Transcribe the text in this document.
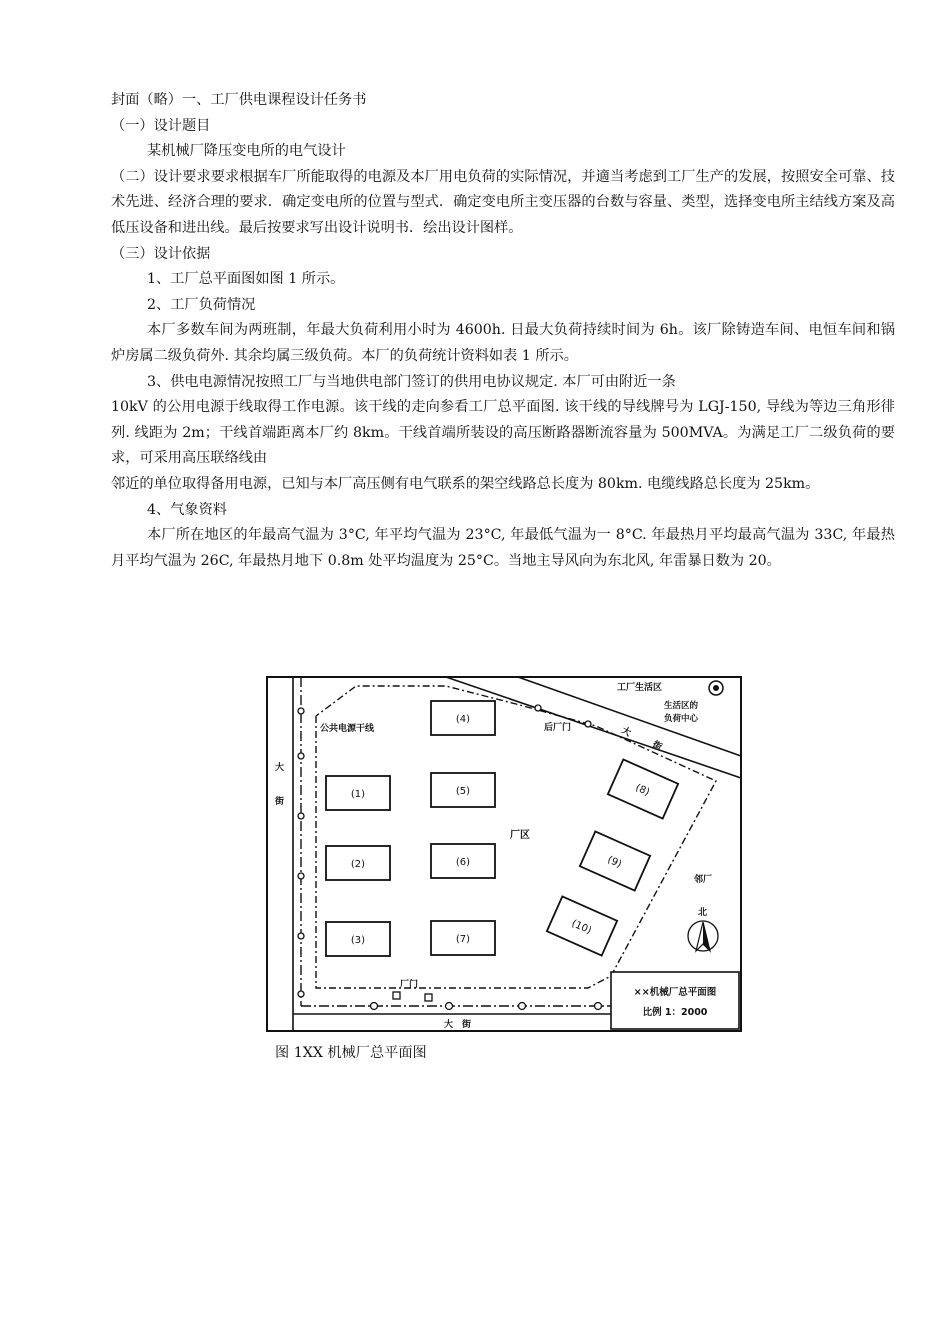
封面（略）一、工厂供电课程设计任务书

（一）设计题目

某机械厂降压变电所的电气设计

（二）设计要求要求根据车厂所能取得的电源及本厂用电负荷的实际情况，并適当考虑到工厂生产的发展，按照安全可靠、技术先进、经济合理的要求．确定变电所的位置与型式．确定变电所主变压器的台数与容量、类型，选择变电所主结线方案及高低压设备和进出线。最后按要求写出设计说明书．绘出设计图样。

（三）设计依据

1、工厂总平面图如图 1 所示。

2、工厂负荷情况

本厂多数车间为两班制，年最大负荷利用小时为 4600h. 日最大负荷持续时间为 6h。该厂除铸造车间、电恒车间和锅炉房属二级负荷外. 其余均属三级负荷。本厂的负荷统计资料如表 1 所示。

3、供电电源情况按照工厂与当地供电部门签订的供用电协议规定. 本厂可由附近一条

10kV 的公用电源于线取得工作电源。该干线的走向参看工厂总平面图. 该干线的导线牌号为 LGJ-150, 导线为等边三角形徘列. 线距为 2m；干线首端距离本厂约 8km。干线首端所装设的高压断路器断流容量为 500MVA。为满足工厂二级负荷的要求，可采用高压联络线由

邻近的单位取得备用电源，已知与本厂高压侧有电气联系的架空线路总长度为 80km. 电缆线路总长度为 25km。

4、气象资料

本厂所在地区的年最高气温为 3°C, 年平均气温为 23°C, 年最低气温为一 8°C. 年最热月平均最高气温为 33C, 年最热月平均气温为 26C, 年最热月地下 0.8m 处平均温度为 25°C。当地主导风向为东北风, 年雷暴日数为 20。

××机械厂总平面图
比例 1：2000
(4)
(1)	(5)
(2)	(6)
(3)	(7)
(8)
(9)
(10)
公共电源干线	后厂门
工厂生活区
生活区的
负荷中心
大
街
大
街
厂区
厂门
大　街
邻厂
北
图 1XX 机械厂总平面图
